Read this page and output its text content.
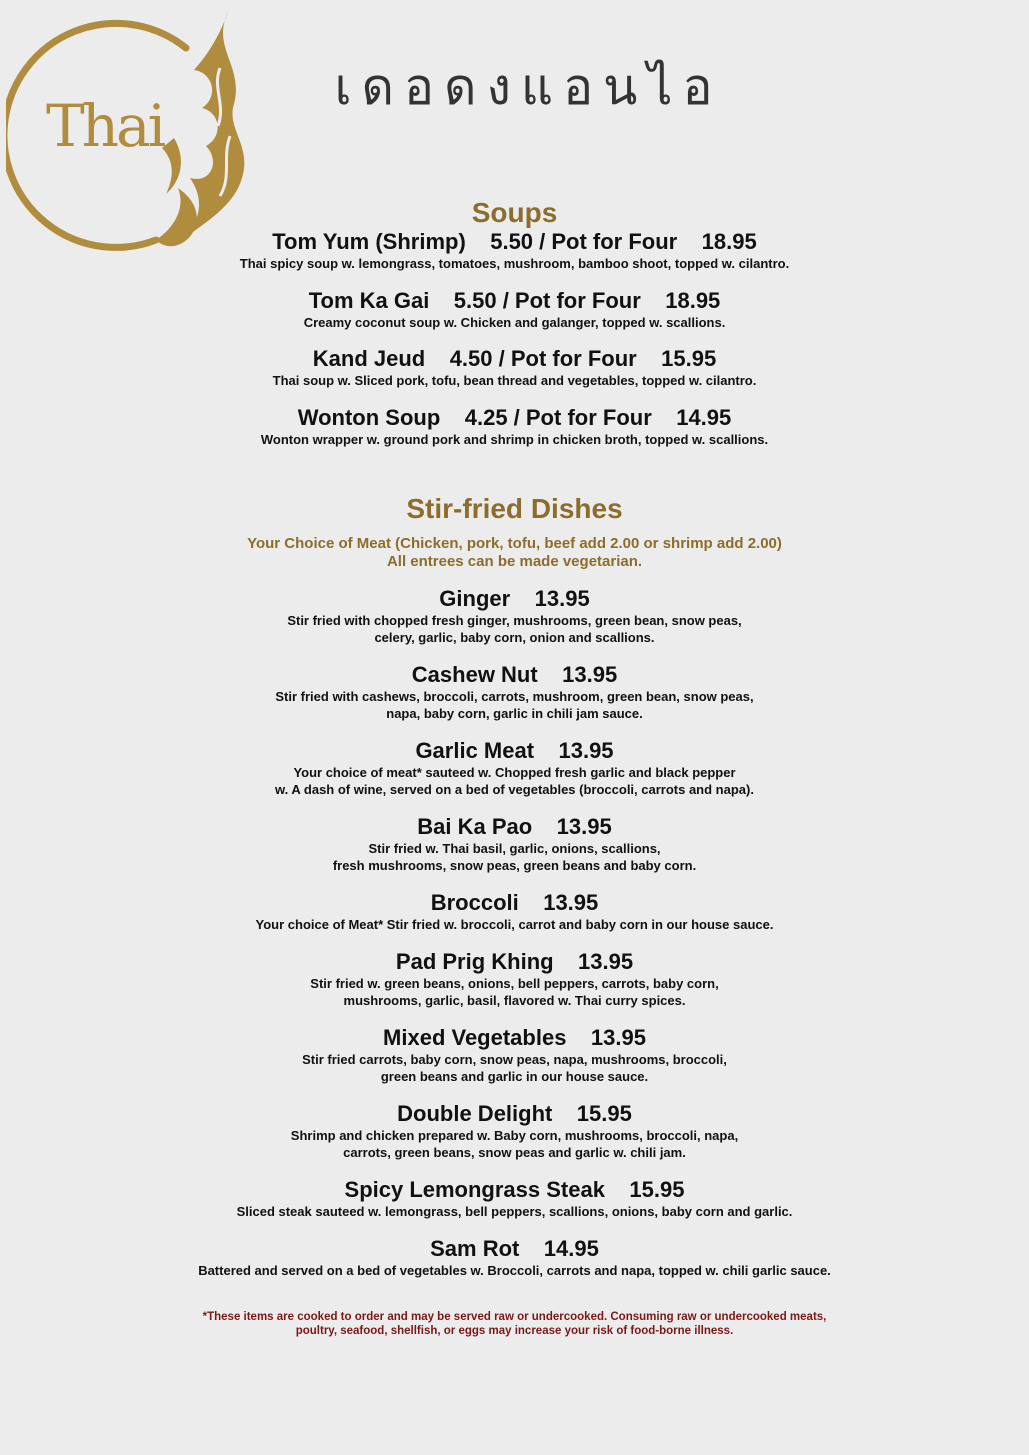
Thai
เดอดงแอนไอ
Soups
Tom Yum (Shrimp)    5.50 / Pot for Four    18.95
Thai spicy soup w. lemongrass, tomatoes, mushroom, bamboo shoot, topped w. cilantro.
Tom Ka Gai    5.50 / Pot for Four    18.95
Creamy coconut soup w. Chicken and galanger, topped w. scallions.
Kand Jeud    4.50 / Pot for Four    15.95
Thai soup w. Sliced pork, tofu, bean thread and vegetables, topped w. cilantro.
Wonton Soup    4.25 / Pot for Four    14.95
Wonton wrapper w. ground pork and shrimp in chicken broth, topped w. scallions.
Stir-fried Dishes
Your Choice of Meat (Chicken, pork, tofu, beef add 2.00 or shrimp add 2.00)
All entrees can be made vegetarian.
Ginger    13.95
Stir fried with chopped fresh ginger, mushrooms, green bean, snow peas,
celery, garlic, baby corn, onion and scallions.
Cashew Nut    13.95
Stir fried with cashews, broccoli, carrots, mushroom, green bean, snow peas,
napa, baby corn, garlic in chili jam sauce.
Garlic Meat    13.95
Your choice of meat* sauteed w. Chopped fresh garlic and black pepper
w. A dash of wine, served on a bed of vegetables (broccoli, carrots and napa).
Bai Ka Pao    13.95
Stir fried w. Thai basil, garlic, onions, scallions,
fresh mushrooms, snow peas, green beans and baby corn.
Broccoli    13.95
Your choice of Meat* Stir fried w. broccoli, carrot and baby corn in our house sauce.
Pad Prig Khing    13.95
Stir fried w. green beans, onions, bell peppers, carrots, baby corn,
mushrooms, garlic, basil, flavored w. Thai curry spices.
Mixed Vegetables    13.95
Stir fried carrots, baby corn, snow peas, napa, mushrooms, broccoli,
green beans and garlic in our house sauce.
Double Delight    15.95
Shrimp and chicken prepared w. Baby corn, mushrooms, broccoli, napa,
carrots, green beans, snow peas and garlic w. chili jam.
Spicy Lemongrass Steak    15.95
Sliced steak sauteed w. lemongrass, bell peppers, scallions, onions, baby corn and garlic.
Sam Rot    14.95
Battered and served on a bed of vegetables w. Broccoli, carrots and napa, topped w. chili garlic sauce.
*These items are cooked to order and may be served raw or undercooked. Consuming raw or undercooked meats,
poultry, seafood, shellfish, or eggs may increase your risk of food-borne illness.
